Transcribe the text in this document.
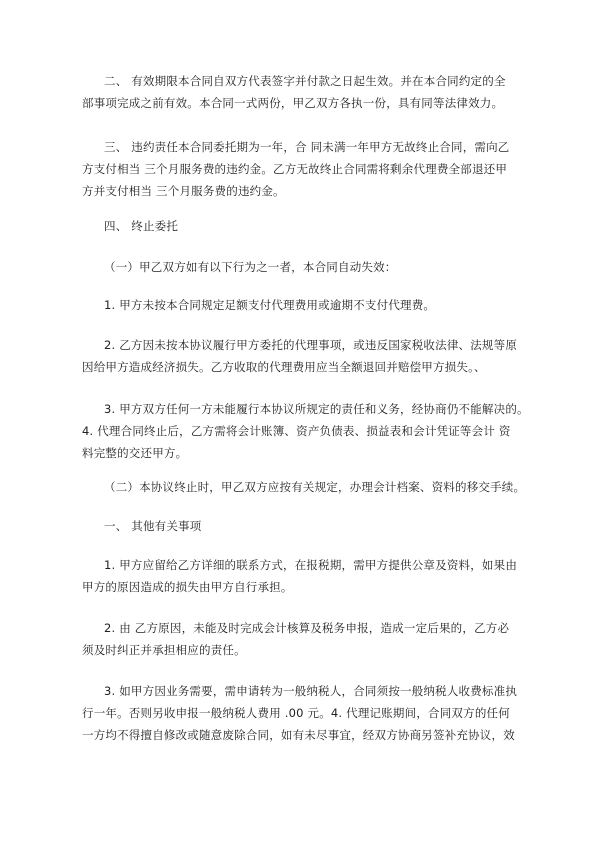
二、 有效期限本合同自双方代表签字并付款之日起生效。并在本合同约定的全
部事项完成之前有效。本合同一式两份，甲乙双方各执一份，具有同等法律效力。
三、 违约责任本合同委托期为一年，合 同未满一年甲方无故终止合同，需向乙
方支付相当 三个月服务费的违约金。乙方无故终止合同需将剩余代理费全部退还甲
方并支付相当 三个月服务费的违约金。
四、 终止委托
（一）甲乙双方如有以下行为之一者，本合同自动失效：
1. 甲方未按本合同规定足额支付代理费用或逾期不支付代理费。
2. 乙方因未按本协议履行甲方委托的代理事项，或违反国家税收法律、法规等原
因给甲方造成经济损失。乙方收取的代理费用应当全额退回并赔偿甲方损失。、
3. 甲方双方任何一方未能履行本协议所规定的责任和义务，经协商仍不能解决的。
4. 代理合同终止后，乙方需将会计账簿、资产负债表、损益表和会计凭证等会计 资
料完整的交还甲方。
（二）本协议终止时，甲乙双方应按有关规定，办理会计档案、资料的移交手续。
一、 其他有关事项
1. 甲方应留给乙方详细的联系方式，在报税期，需甲方提供公章及资料，如果由
甲方的原因造成的损失由甲方自行承担。
2. 由 乙方原因，未能及时完成会计核算及税务申报，造成一定后果的，乙方必
须及时纠正并承担相应的责任。
3. 如甲方因业务需要，需申请转为一般纳税人，合同须按一般纳税人收费标准执
行一年。否则另收申报一般纳税人费用 .00 元。4. 代理记账期间，合同双方的任何
一方均不得擅自修改或随意废除合同，如有未尽事宜，经双方协商另签补充协议，效
